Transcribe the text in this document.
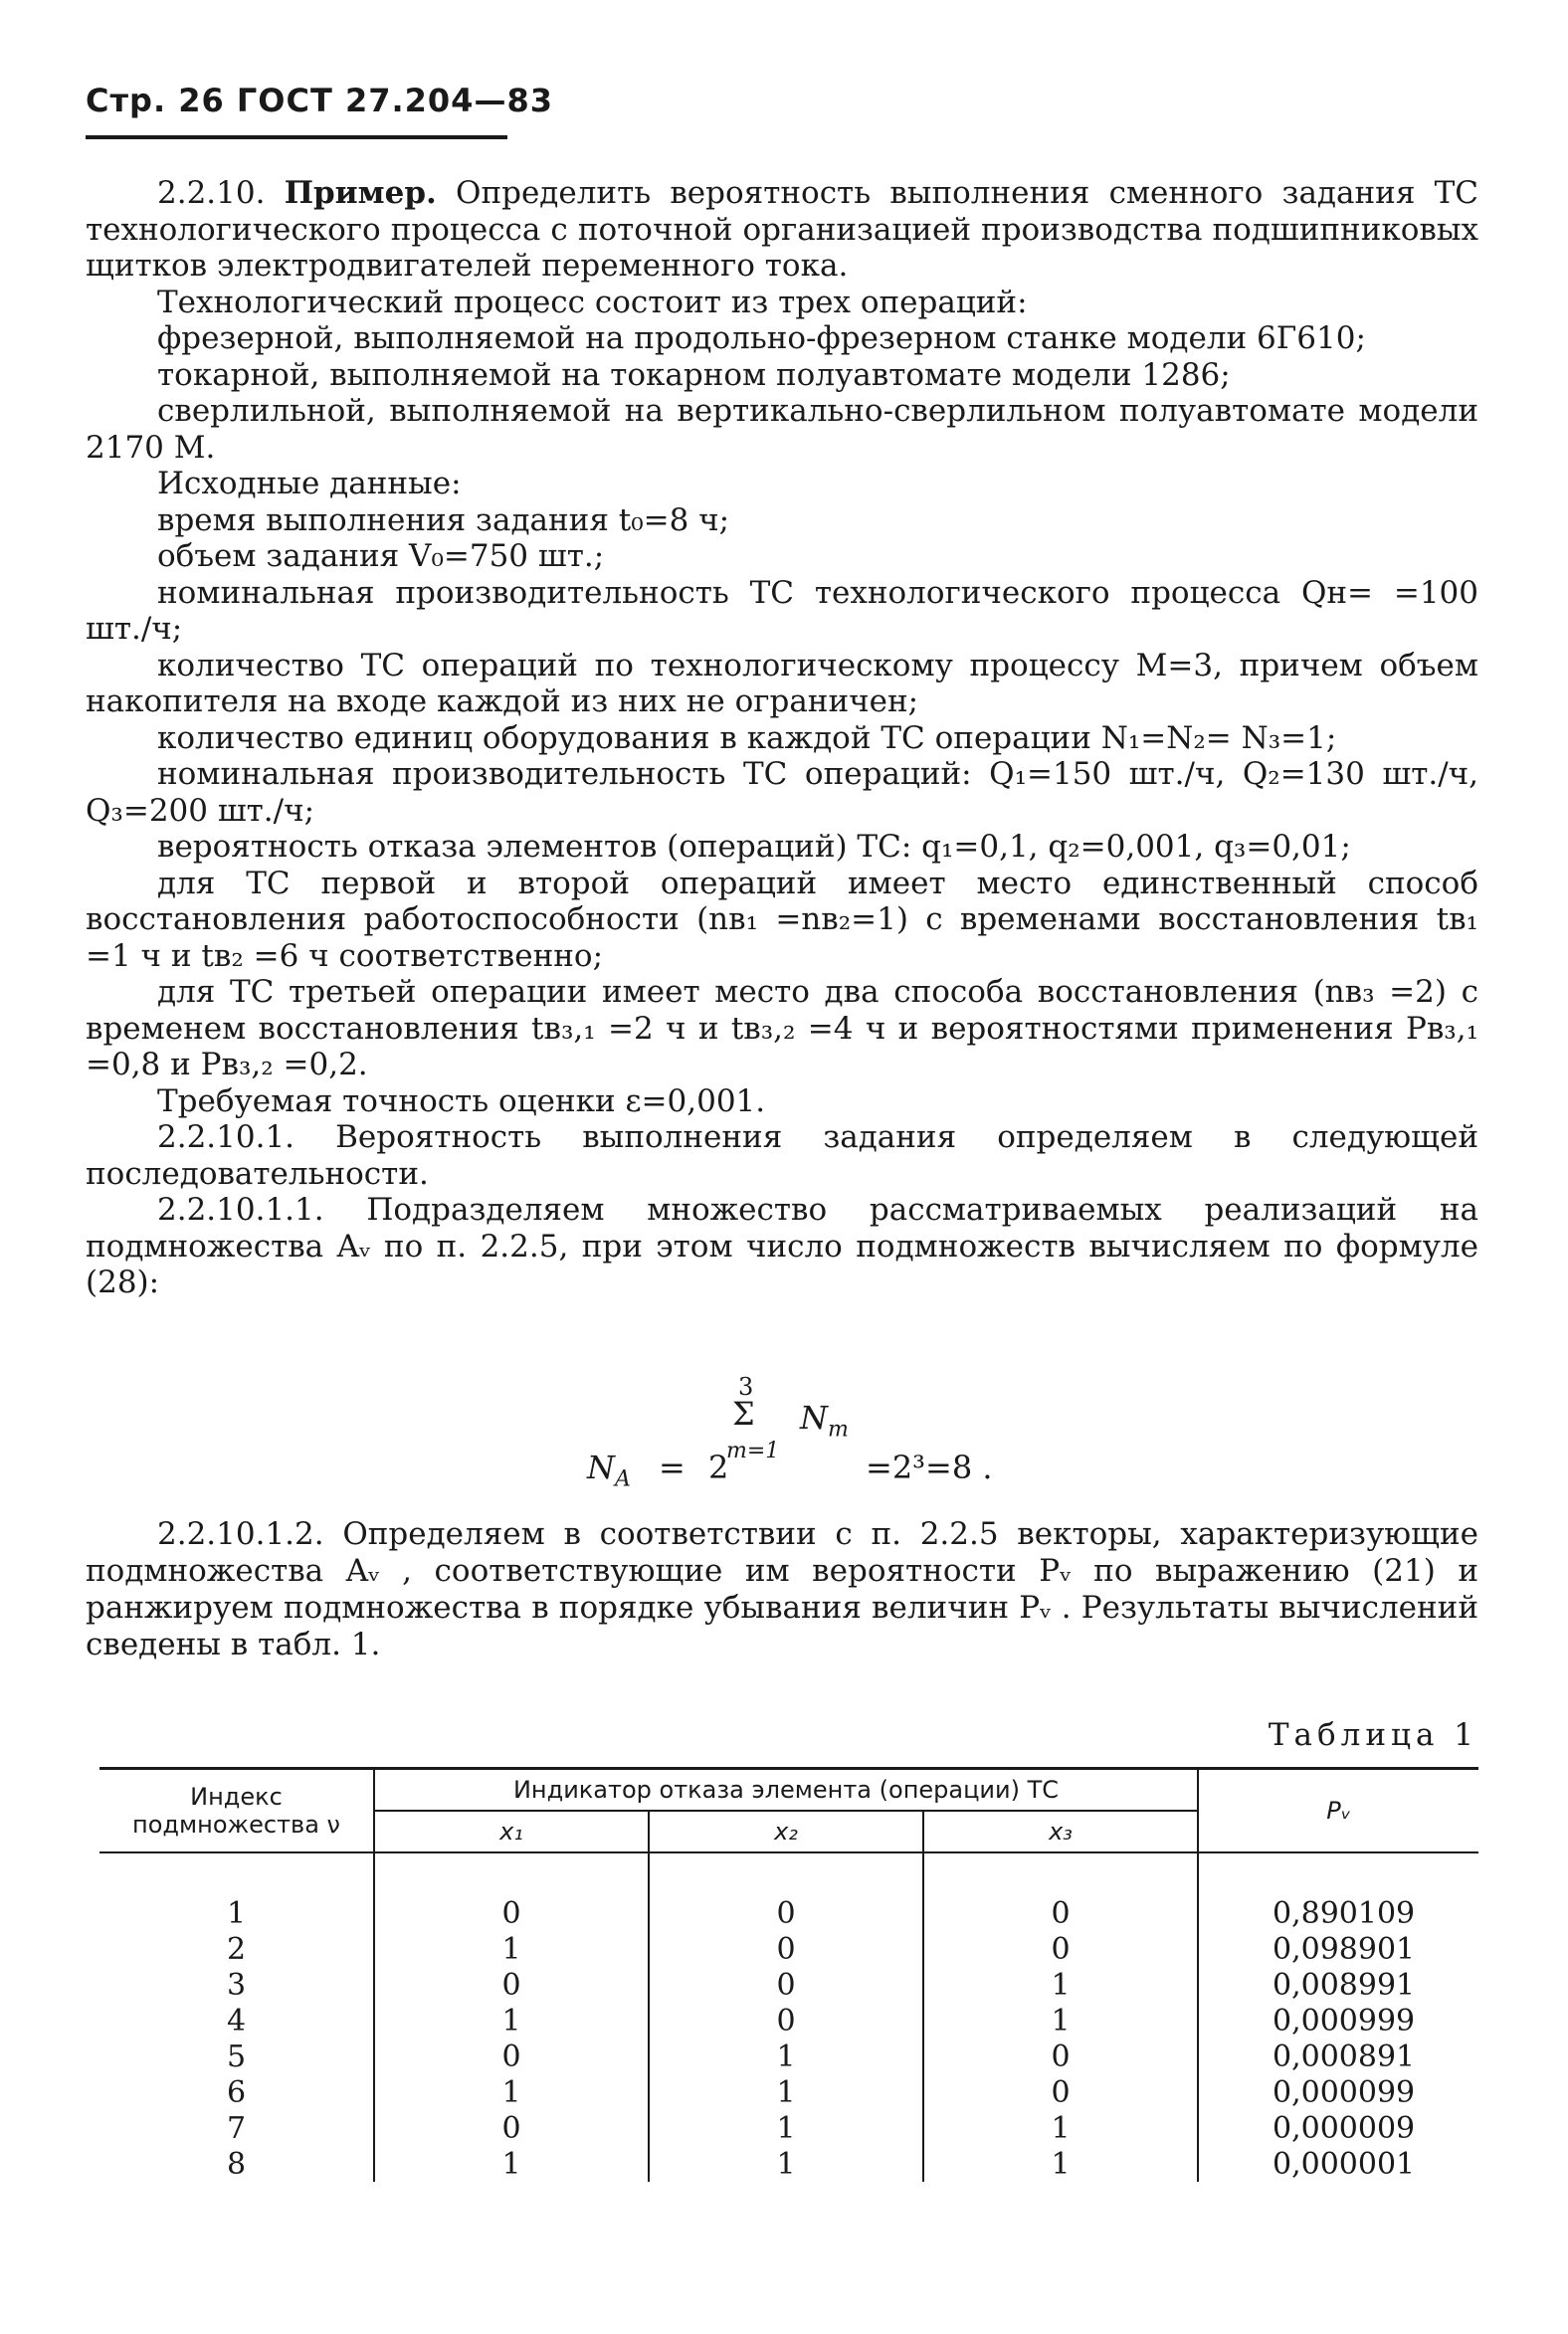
Стр. 26 ГОСТ 27.204—83

2.2.10. Пример. Определить вероятность выполнения сменного задания ТС технологического процесса с поточной организацией производства подшипниковых щитков электродвигателей переменного тока.

Технологический процесс состоит из трех операций:

фрезерной, выполняемой на продольно-фрезерном станке модели 6Г610;

токарной, выполняемой на токарном полуавтомате модели 1286;

сверлильной, выполняемой на вертикально-сверлильном полуавтомате модели 2170 М.

Исходные данные:

время выполнения задания t₀=8 ч;

объем задания V₀=750 шт.;

номинальная производительность ТС технологического процесса Qн= =100 шт./ч;

количество ТС операций по технологическому процессу M=3, причем объем накопителя на входе каждой из них не ограничен;

количество единиц оборудования в каждой ТС операции N₁=N₂= N₃=1;

номинальная производительность ТС операций: Q₁=150 шт./ч, Q₂=130 шт./ч, Q₃=200 шт./ч;

вероятность отказа элементов (операций) ТС: q₁=0,1, q₂=0,001, q₃=0,01;

для ТС первой и второй операций имеет место единственный способ восстановления работоспособности (nв₁ =nв₂=1) с временами восстановления tв₁ =1 ч и tв₂ =6 ч соответственно;

для ТС третьей операции имеет место два способа восстановления (nв₃ =2) с временем восстановления tв₃,₁ =2 ч и tв₃,₂ =4 ч и вероятностями применения Pв₃,₁ =0,8 и Pв₃,₂ =0,2.

Требуемая точность оценки ε=0,001.

2.2.10.1. Вероятность выполнения задания определяем в следующей последовательности.

2.2.10.1.1. Подразделяем множество рассматриваемых реализаций на подмножества Aᵥ по п. 2.2.5, при этом число подмножеств вычисляем по формуле (28):

3
Σ $N_m$
$N_A = 2$
m=1	=2³=8 .

2.2.10.1.2. Определяем в соответствии с п. 2.2.5 векторы, характеризующие подмножества Aᵥ , соответствующие им вероятности Pᵥ по выражению (21) и ранжируем подмножества в порядке убывания величин Pᵥ . Результаты вычислений сведены в табл. 1.

Таблица 1
Индекс подмножества ν	Индикатор отказа элемента (операции) ТС			Pᵥ
	x₁	x₂	x₃	
1	0	0	0	0,890109
2	1	0	0	0,098901
3	0	0	1	0,008991
4	1	0	1	0,000999
5	0	1	0	0,000891
6	1	1	0	0,000099
7	0	1	1	0,000009
8	1	1	1	0,000001
